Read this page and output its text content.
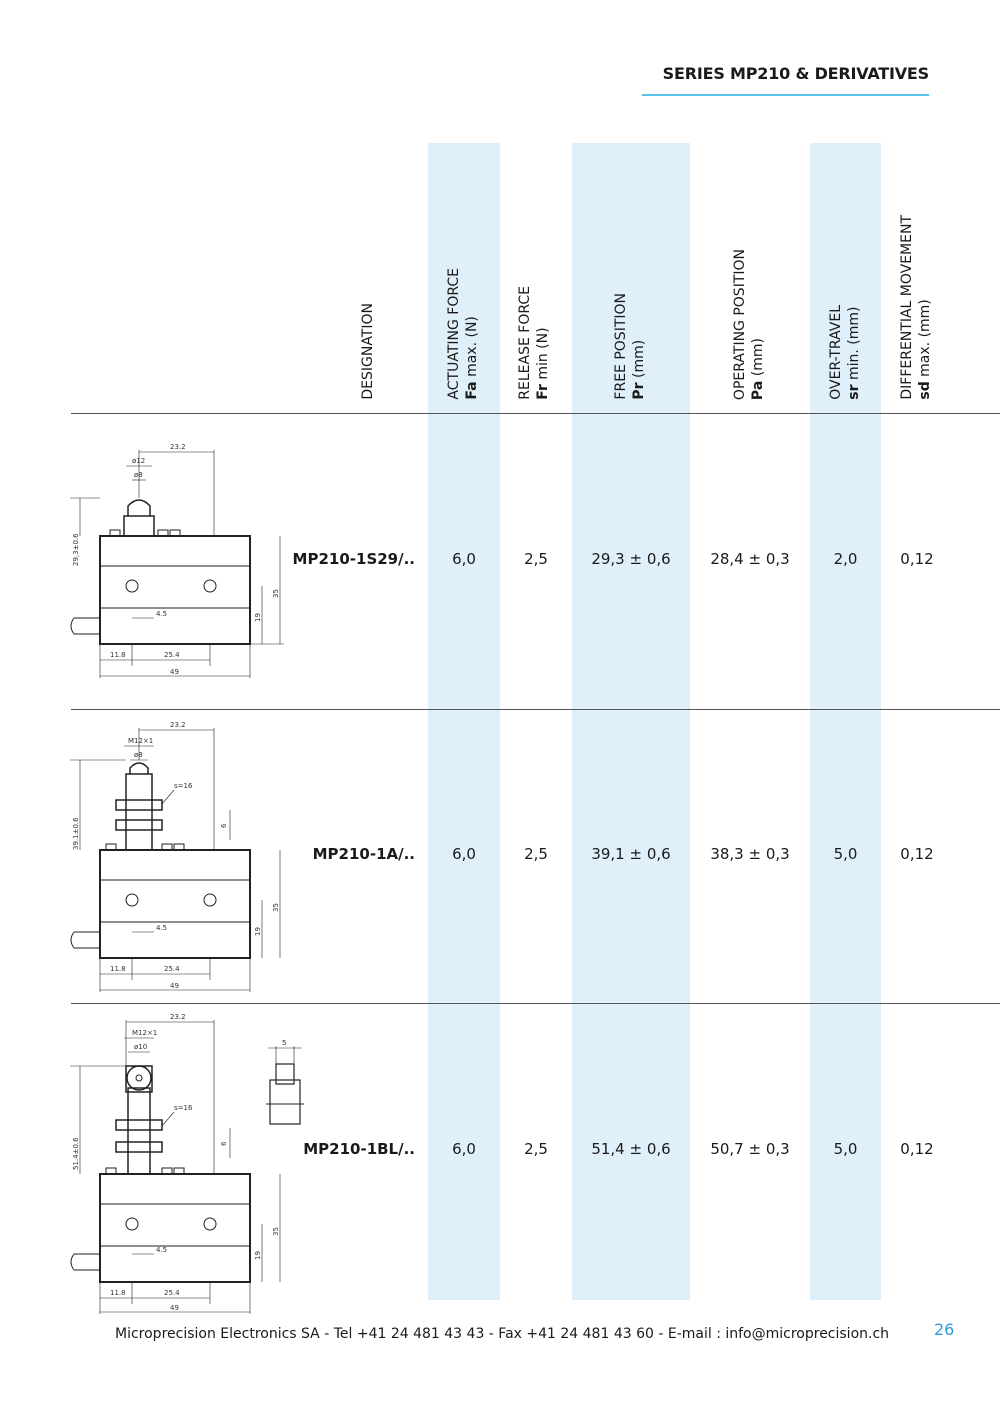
SERIES MP210 & DERIVATIVES
DESIGNATION	ACTUATING FORCE Fa max. (N)	RELEASE FORCE Fr min (N)	FREE POSITION Pr (mm)	OPERATING POSITION Pa (mm)	OVER-TRAVEL sr min. (mm)	DIFFERENTIAL MOVEMENT sd max. (mm)
MP210-1S29/..	6,0	2,5	29,3 ± 0,6	28,4 ± 0,3	2,0	0,12
23.2
ø12
ø8
29,3±0.6
4.5
11.8	25.4
49
19
35
MP210-1A/..	6,0	2,5	39,1 ± 0,6	38,3 ± 0,3	5,0	0,12
23.2
M12×1
ø8
s=16
6
39.1±0.6
4.5
11.8	25.4
49
19
35
MP210-1BL/..	6,0	2,5	51,4 ± 0,6	50,7 ± 0,3	5,0	0,12
23.2
M12×1
ø10
s=16
6
5
51.4±0.6
4.5
11.8	25.4
49
19
35
Microprecision Electronics SA - Tel +41 24 481 43 43 - Fax +41 24 481 43 60 - E-mail : info@microprecision.ch	26
